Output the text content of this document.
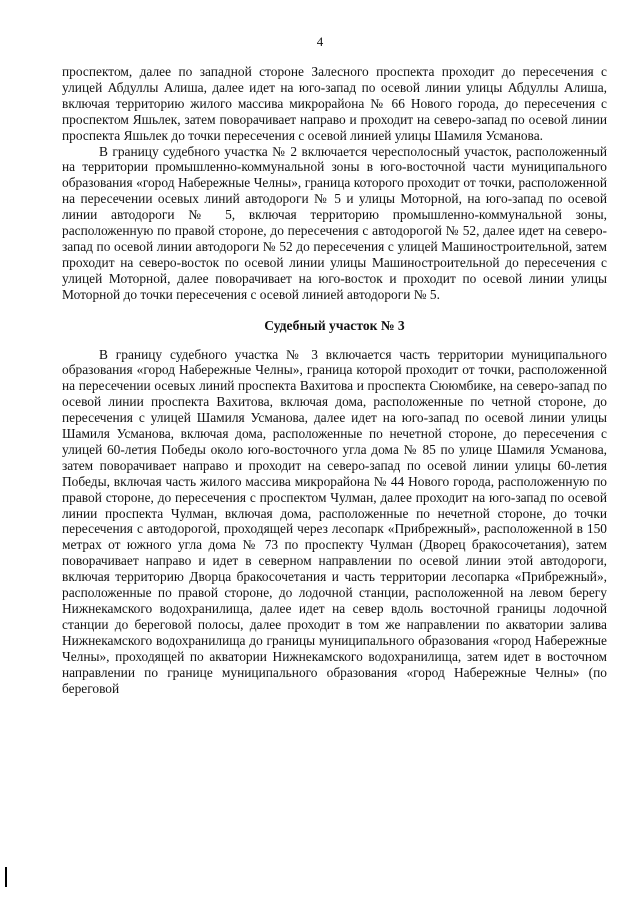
4

проспектом, далее по западной стороне Залесного проспекта проходит до пересечения с улицей Абдуллы Алиша, далее идет на юго-запад по осевой линии улицы Абдуллы Алиша, включая территорию жилого массива микрорайона № 66 Нового города, до пересечения с проспектом Яшьлек, затем поворачивает направо и проходит на северо-запад по осевой линии проспекта Яшьлек до точки пересечения с осевой линией улицы Шамиля Усманова.

В границу судебного участка № 2 включается чересполосный участок, расположенный на территории промышленно-коммунальной зоны в юго-восточной части муниципального образования «город Набережные Челны», граница которого проходит от точки, расположенной на пересечении осевых линий автодороги № 5 и улицы Моторной, на юго-запад по осевой линии автодороги № 5, включая территорию промышленно-коммунальной зоны, расположенную по правой стороне, до пересечения с автодорогой № 52, далее идет на северо-запад по осевой линии автодороги № 52 до пересечения с улицей Машиностроительной, затем проходит на северо-восток по осевой линии улицы Машиностроительной до пересечения с улицей Моторной, далее поворачивает на юго-восток и проходит по осевой линии улицы Моторной до точки пересечения с осевой линией автодороги № 5.

Судебный участок № 3

В границу судебного участка № 3 включается часть территории муниципального образования «город Набережные Челны», граница которой проходит от точки, расположенной на пересечении осевых линий проспекта Вахитова и проспекта Сююмбике, на северо-запад по осевой линии проспекта Вахитова, включая дома, расположенные по четной стороне, до пересечения с улицей Шамиля Усманова, далее идет на юго-запад по осевой линии улицы Шамиля Усманова, включая дома, расположенные по нечетной стороне, до пересечения с улицей 60-летия Победы около юго-восточного угла дома № 85 по улице Шамиля Усманова, затем поворачивает направо и проходит на северо-запад по осевой линии улицы 60-летия Победы, включая часть жилого массива микрорайона № 44 Нового города, расположенную по правой стороне, до пересечения с проспектом Чулман, далее проходит на юго-запад по осевой линии проспекта Чулман, включая дома, расположенные по нечетной стороне, до точки пересечения с автодорогой, проходящей через лесопарк «Прибрежный», расположенной в 150 метрах от южного угла дома № 73 по проспекту Чулман (Дворец бракосочетания), затем поворачивает направо и идет в северном направлении по осевой линии этой автодороги, включая территорию Дворца бракосочетания и часть территории лесопарка «Прибрежный», расположенные по правой стороне, до лодочной станции, расположенной на левом берегу Нижнекамского водохранилища, далее идет на север вдоль восточной границы лодочной станции до береговой полосы, далее проходит в том же направлении по акватории залива Нижнекамского водохранилища до границы муниципального образования «город Набережные Челны», проходящей по акватории Нижнекамского водохранилища, затем идет в восточном направлении по границе муниципального образования «город Набережные Челны» (по береговой
